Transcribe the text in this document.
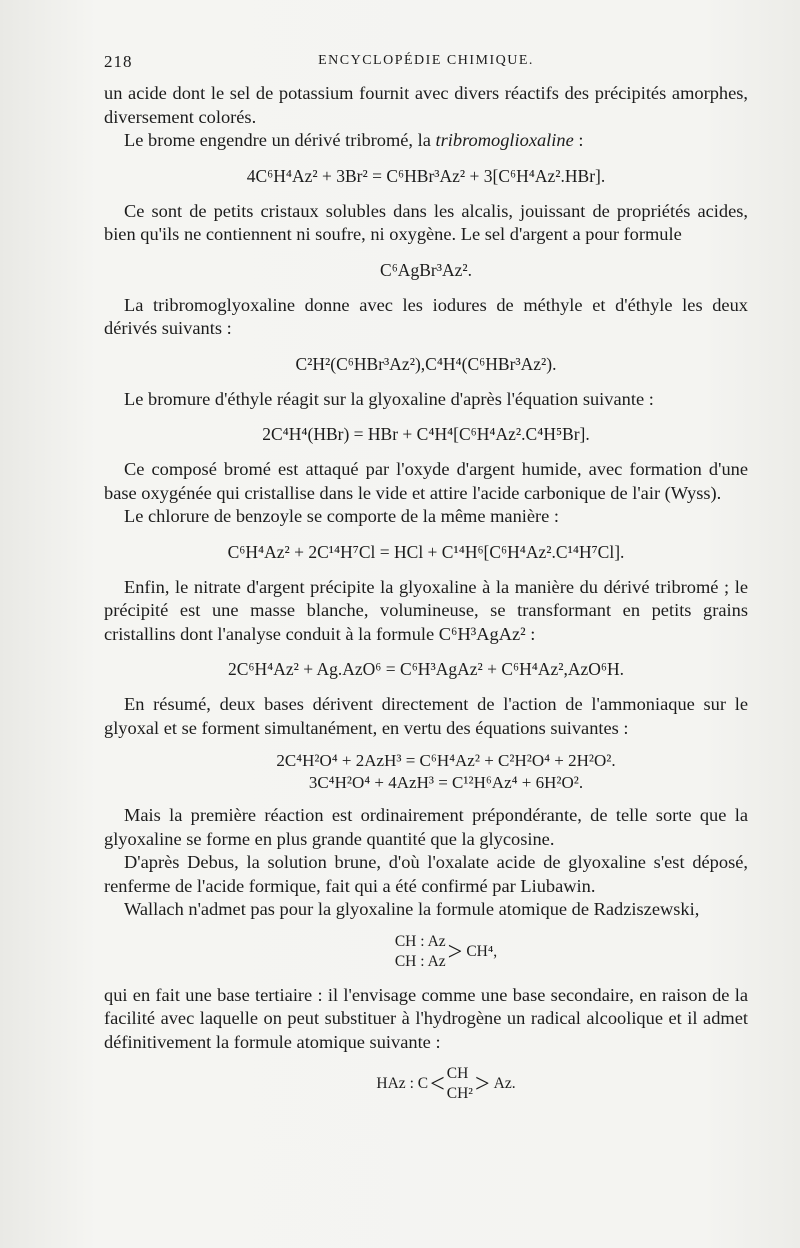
218	ENCYCLOPÉDIE CHIMIQUE.

un acide dont le sel de potassium fournit avec divers réactifs des précipités amorphes, diversement colorés.

Le brome engendre un dérivé tribromé, la tribromoglioxaline :

4C⁶H⁴Az² + 3Br² = C⁶HBr³Az² + 3[C⁶H⁴Az².HBr].

Ce sont de petits cristaux solubles dans les alcalis, jouissant de propriétés acides, bien qu'ils ne contiennent ni soufre, ni oxygène. Le sel d'argent a pour formule

C⁶AgBr³Az².

La tribromoglyoxaline donne avec les iodures de méthyle et d'éthyle les deux dérivés suivants :

C²H²(C⁶HBr³Az²),C⁴H⁴(C⁶HBr³Az²).

Le bromure d'éthyle réagit sur la glyoxaline d'après l'équation suivante :

2C⁴H⁴(HBr) = HBr + C⁴H⁴[C⁶H⁴Az².C⁴H⁵Br].

Ce composé bromé est attaqué par l'oxyde d'argent humide, avec formation d'une base oxygénée qui cristallise dans le vide et attire l'acide carbonique de l'air (Wyss).

Le chlorure de benzoyle se comporte de la même manière :

C⁶H⁴Az² + 2C¹⁴H⁷Cl = HCl + C¹⁴H⁶[C⁶H⁴Az².C¹⁴H⁷Cl].

Enfin, le nitrate d'argent précipite la glyoxaline à la manière du dérivé tribromé ; le précipité est une masse blanche, volumineuse, se transformant en petits grains cristallins dont l'analyse conduit à la formule C⁶H³AgAz² :

2C⁶H⁴Az² + Ag.AzO⁶ = C⁶H³AgAz² + C⁶H⁴Az²,AzO⁶H.

En résumé, deux bases dérivent directement de l'action de l'ammoniaque sur le glyoxal et se forment simultanément, en vertu des équations suivantes :

2C⁴H²O⁴ + 2AzH³ = C⁶H⁴Az² + C²H²O⁴ + 2H²O².
3C⁴H²O⁴ + 4AzH³ = C¹²H⁶Az⁴ + 6H²O².

Mais la première réaction est ordinairement prépondérante, de telle sorte que la glyoxaline se forme en plus grande quantité que la glycosine.

D'après Debus, la solution brune, d'où l'oxalate acide de glyoxaline s'est déposé, renferme de l'acide formique, fait qui a été confirmé par Liubawin.

Wallach n'admet pas pour la glyoxaline la formule atomique de Radziszewski,

CH : Az
CH : Az > CH⁴,

qui en fait une base tertiaire : il l'envisage comme une base secondaire, en raison de la facilité avec laquelle on peut substituer à l'hydrogène un radical alcoolique et il admet définitivement la formule atomique suivante :

HAz : C < CH
CH² > Az.
